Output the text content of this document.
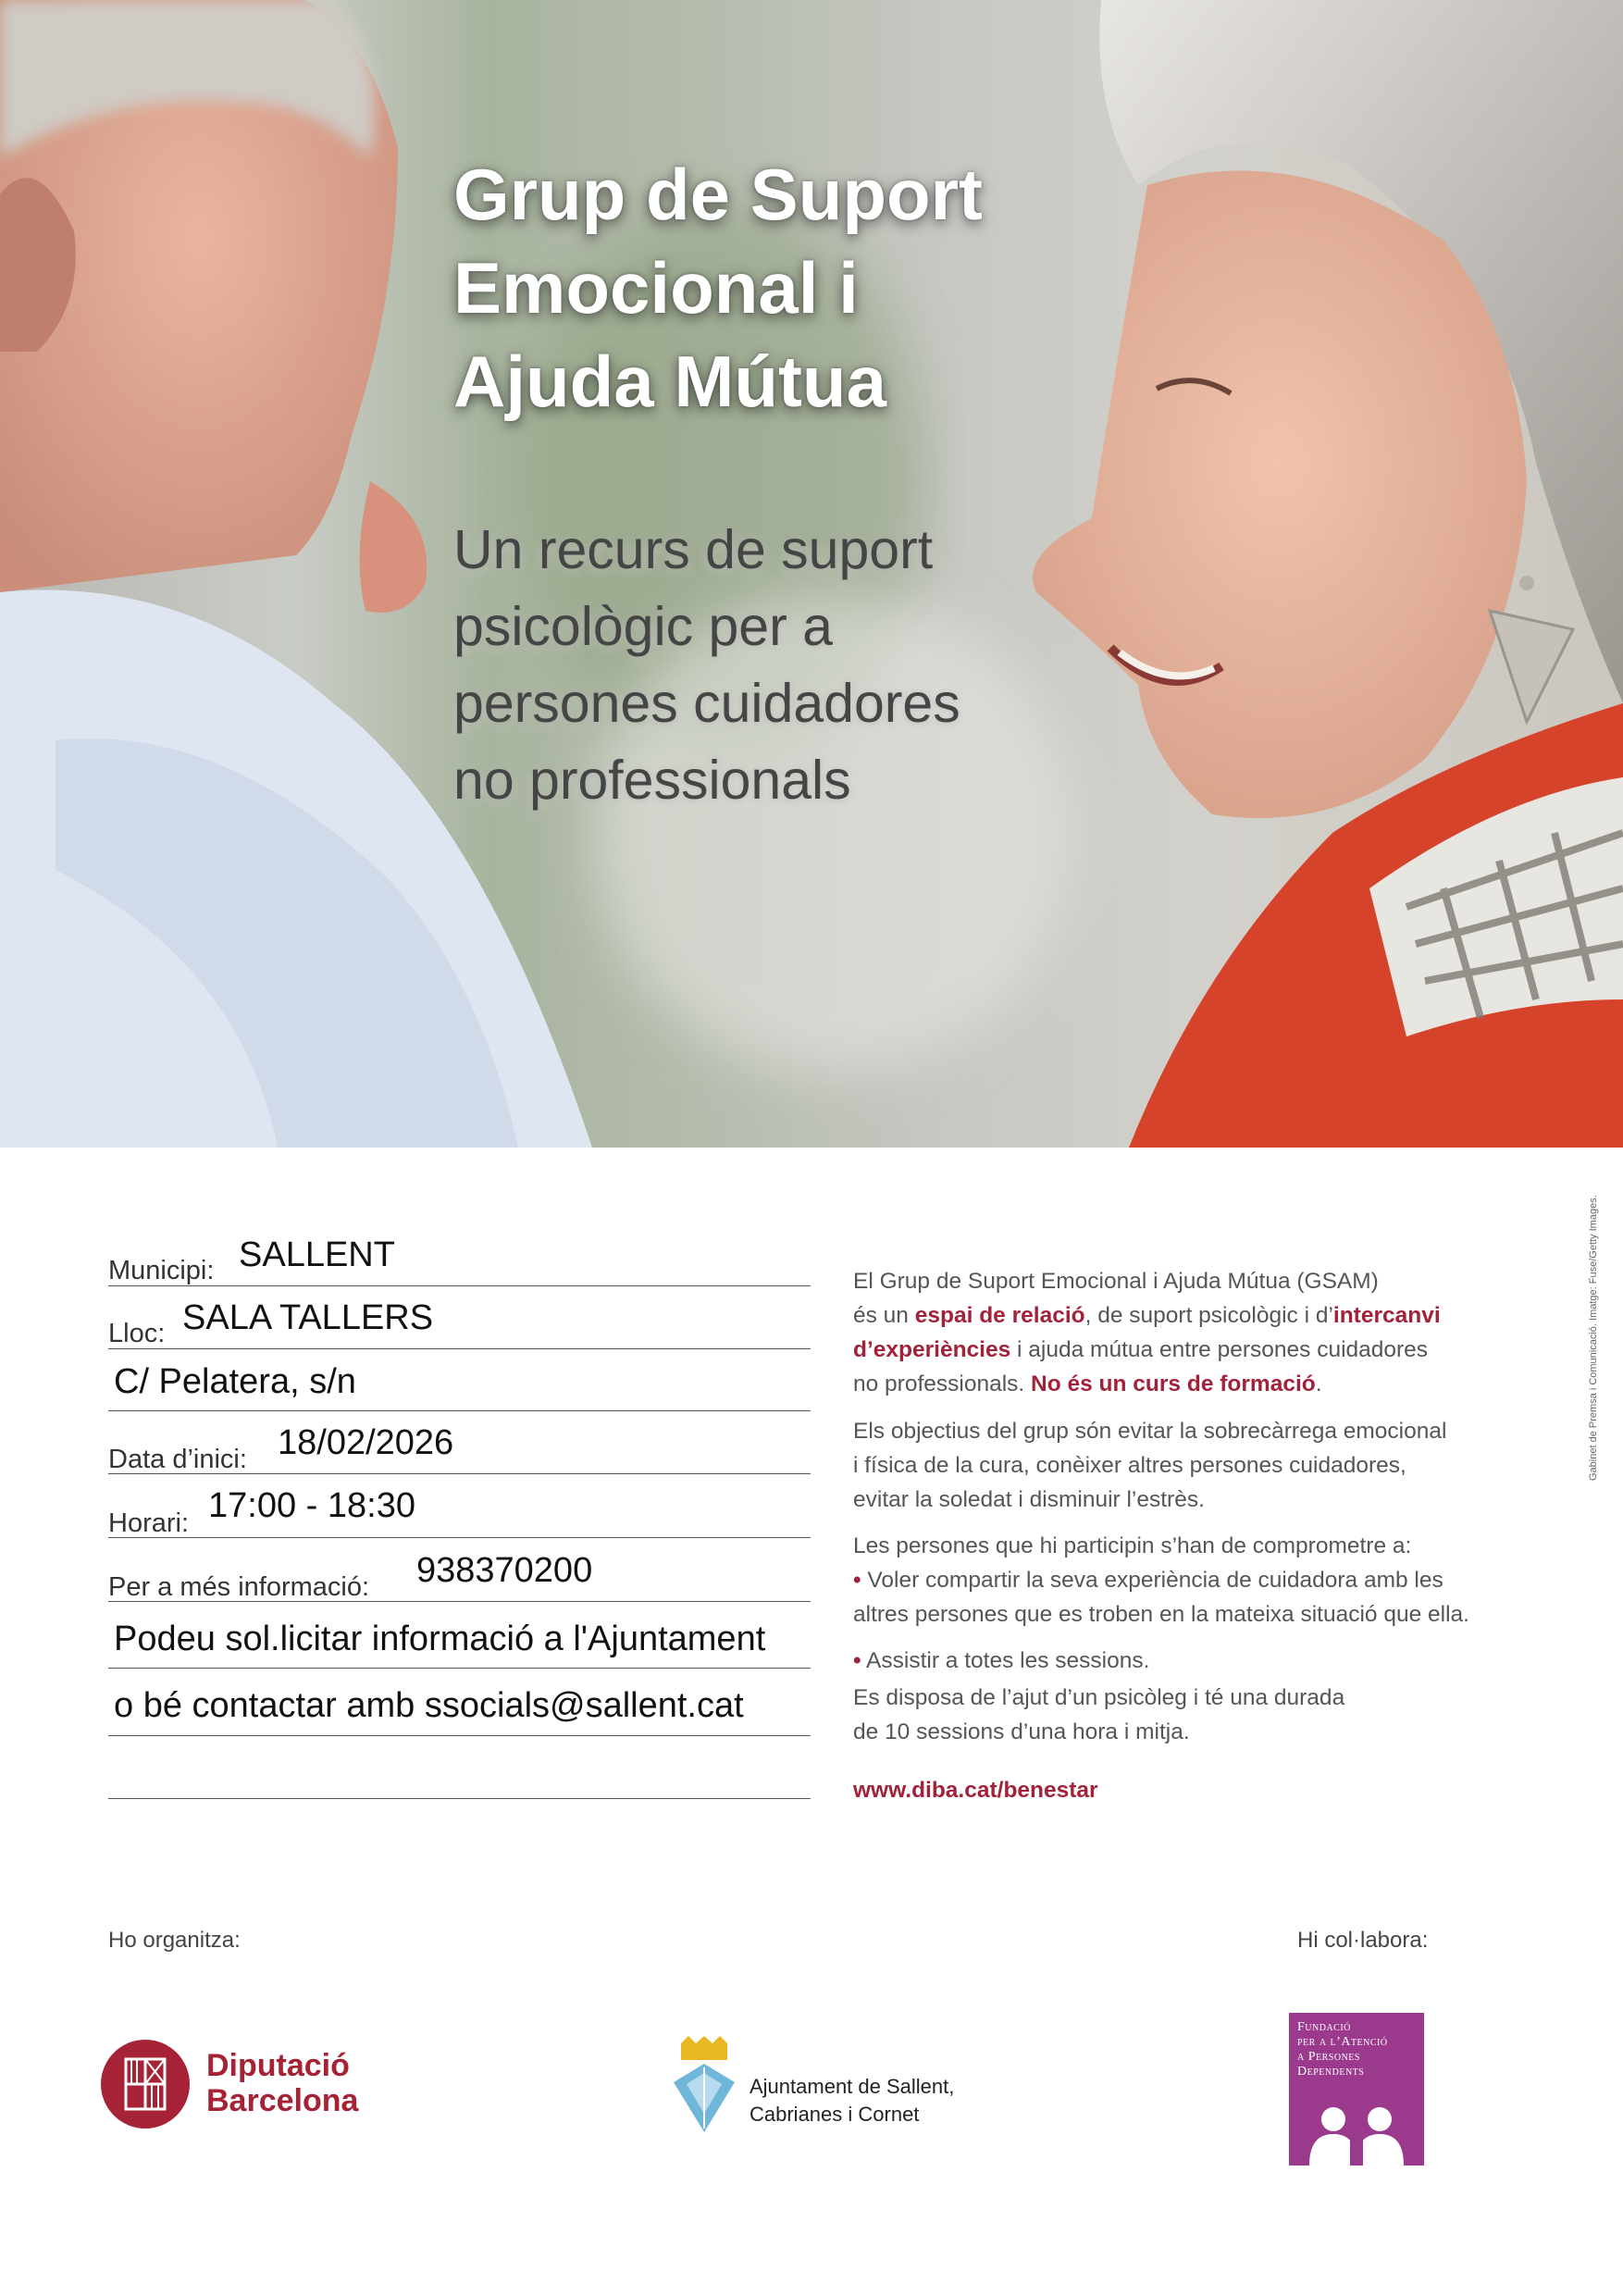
Grup de Suport
Emocional i
Ajuda Mútua

Un recurs de suport
psicològic per a
persones cuidadores
no professionals

Municipi: SALLENT
Lloc: SALA TALLERS
C/ Pelatera, s/n
Data d’inici: 18/02/2026
Horari: 17:00 - 18:30
Per a més informació: 938370200
Podeu sol.licitar informació a l'Ajuntament
o bé contactar amb ssocials@sallent.cat

El Grup de Suport Emocional i Ajuda Mútua (GSAM)
és un espai de relació, de suport psicològic i d’intercanvi
d’experiències i ajuda mútua entre persones cuidadores
no professionals. No és un curs de formació.

Els objectius del grup són evitar la sobrecàrrega emocional
i física de la cura, conèixer altres persones cuidadores,
evitar la soledat i disminuir l’estrès.

Les persones que hi participin s’han de comprometre a:
• Voler compartir la seva experiència de cuidadora amb les
altres persones que es troben en la mateixa situació que ella.

• Assistir a totes les sessions.

Es disposa de l’ajut d’un psicòleg i té una durada
de 10 sessions d’una hora i mitja.

www.diba.cat/benestar
Gabinet de Premsa i Comunicació. Imatge: Fuse/Getty Images.
Ho organitza:	Hi col·labora:
Diputació
Barcelona	Ajuntament de Sallent,
Cabrianes i Cornet
Fundació
per a l’Atenció
a Persones
Dependents
